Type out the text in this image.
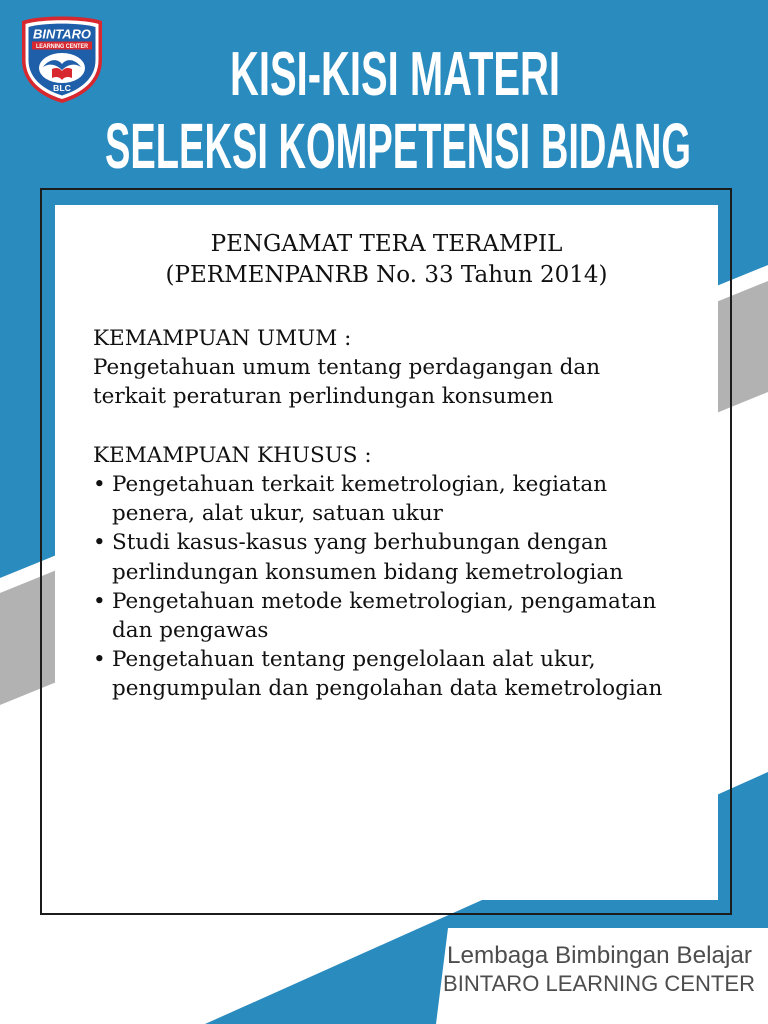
KISI-KISI MATERI
SELEKSI KOMPETENSI BIDANG
BINTARO
LEARNING CENTER
BLC
PENGAMAT TERA TERAMPIL
(PERMENPANRB No. 33 Tahun 2014)
KEMAMPUAN UMUM :
Pengetahuan umum tentang perdagangan dan
terkait peraturan perlindungan konsumen
KEMAMPUAN KHUSUS :
• Pengetahuan terkait kemetrologian, kegiatan
penera, alat ukur, satuan ukur
• Studi kasus-kasus yang berhubungan dengan
perlindungan konsumen bidang kemetrologian
• Pengetahuan metode kemetrologian, pengamatan
dan pengawas
• Pengetahuan tentang pengelolaan alat ukur,
pengumpulan dan pengolahan data kemetrologian
Lembaga Bimbingan Belajar
BINTARO LEARNING CENTER
